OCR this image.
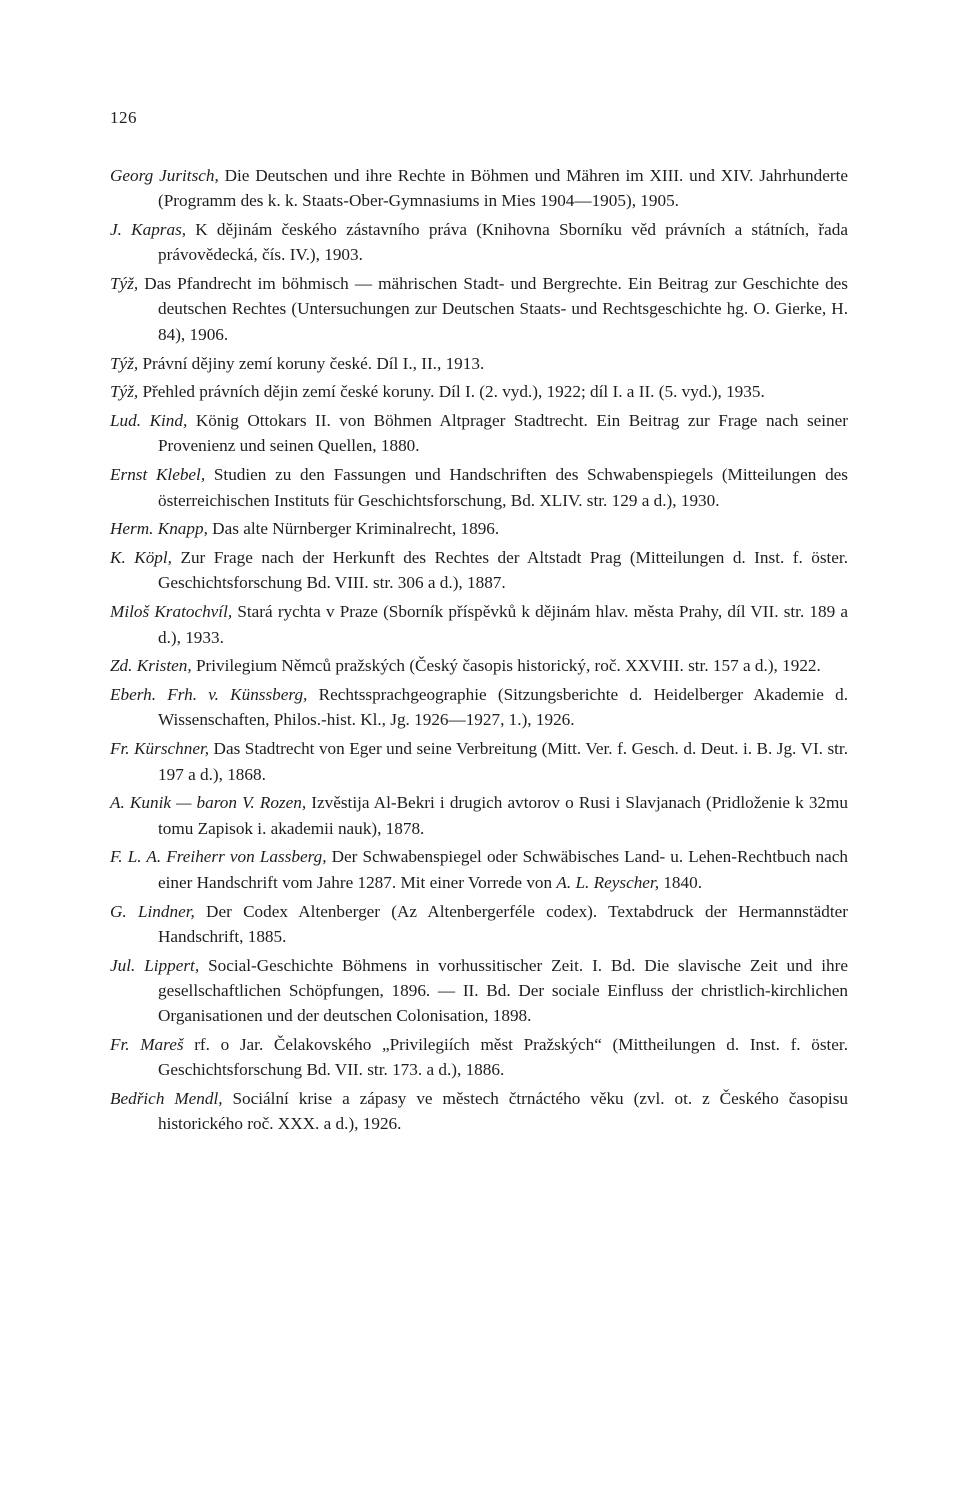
126

Georg Juritsch, Die Deutschen und ihre Rechte in Böhmen und Mähren im XIII. und XIV. Jahrhunderte (Programm des k. k. Staats-Ober-Gymnasiums in Mies 1904—1905), 1905.

J. Kapras, K dějinám českého zástavního práva (Knihovna Sborníku věd právních a státních, řada právovědecká, čís. IV.), 1903.

Týž, Das Pfandrecht im böhmisch — mährischen Stadt- und Bergrechte. Ein Beitrag zur Geschichte des deutschen Rechtes (Untersuchungen zur Deutschen Staats- und Rechtsgeschichte hg. O. Gierke, H. 84), 1906.

Týž, Právní dějiny zemí koruny české. Díl I., II., 1913.

Týž, Přehled právních dějin zemí české koruny. Díl I. (2. vyd.), 1922; díl I. a II. (5. vyd.), 1935.

Lud. Kind, König Ottokars II. von Böhmen Altprager Stadtrecht. Ein Beitrag zur Frage nach seiner Provenienz und seinen Quellen, 1880.

Ernst Klebel, Studien zu den Fassungen und Handschriften des Schwabenspiegels (Mitteilungen des österreichischen Instituts für Geschichtsforschung, Bd. XLIV. str. 129 a d.), 1930.

Herm. Knapp, Das alte Nürnberger Kriminalrecht, 1896.

K. Köpl, Zur Frage nach der Herkunft des Rechtes der Altstadt Prag (Mitteilungen d. Inst. f. öster. Geschichtsforschung Bd. VIII. str. 306 a d.), 1887.

Miloš Kratochvíl, Stará rychta v Praze (Sborník příspěvků k dějinám hlav. města Prahy, díl VII. str. 189 a d.), 1933.

Zd. Kristen, Privilegium Němců pražských (Český časopis historický, roč. XXVIII. str. 157 a d.), 1922.

Eberh. Frh. v. Künssberg, Rechtssprachgeographie (Sitzungsberichte d. Heidelberger Akademie d. Wissenschaften, Philos.-hist. Kl., Jg. 1926—1927, 1.), 1926.

Fr. Kürschner, Das Stadtrecht von Eger und seine Verbreitung (Mitt. Ver. f. Gesch. d. Deut. i. B. Jg. VI. str. 197 a d.), 1868.

A. Kunik — baron V. Rozen, Izvěstija Al-Bekri i drugich avtorov o Rusi i Slavjanach (Pridloženie k 32mu tomu Zapisok i. akademii nauk), 1878.

F. L. A. Freiherr von Lassberg, Der Schwabenspiegel oder Schwäbisches Land- u. Lehen-Rechtbuch nach einer Handschrift vom Jahre 1287. Mit einer Vorrede von A. L. Reyscher, 1840.

G. Lindner, Der Codex Altenberger (Az Altenbergerféle codex). Textabdruck der Hermannstädter Handschrift, 1885.

Jul. Lippert, Social-Geschichte Böhmens in vorhussitischer Zeit. I. Bd. Die slavische Zeit und ihre gesellschaftlichen Schöpfungen, 1896. — II. Bd. Der sociale Einfluss der christlich-kirchlichen Organisationen und der deutschen Colonisation, 1898.

Fr. Mareš rf. o Jar. Čelakovského „Privilegiích měst Pražských“ (Mittheilungen d. Inst. f. öster. Geschichtsforschung Bd. VII. str. 173. a d.), 1886.

Bedřich Mendl, Sociální krise a zápasy ve městech čtrnáctého věku (zvl. ot. z Českého časopisu historického roč. XXX. a d.), 1926.
